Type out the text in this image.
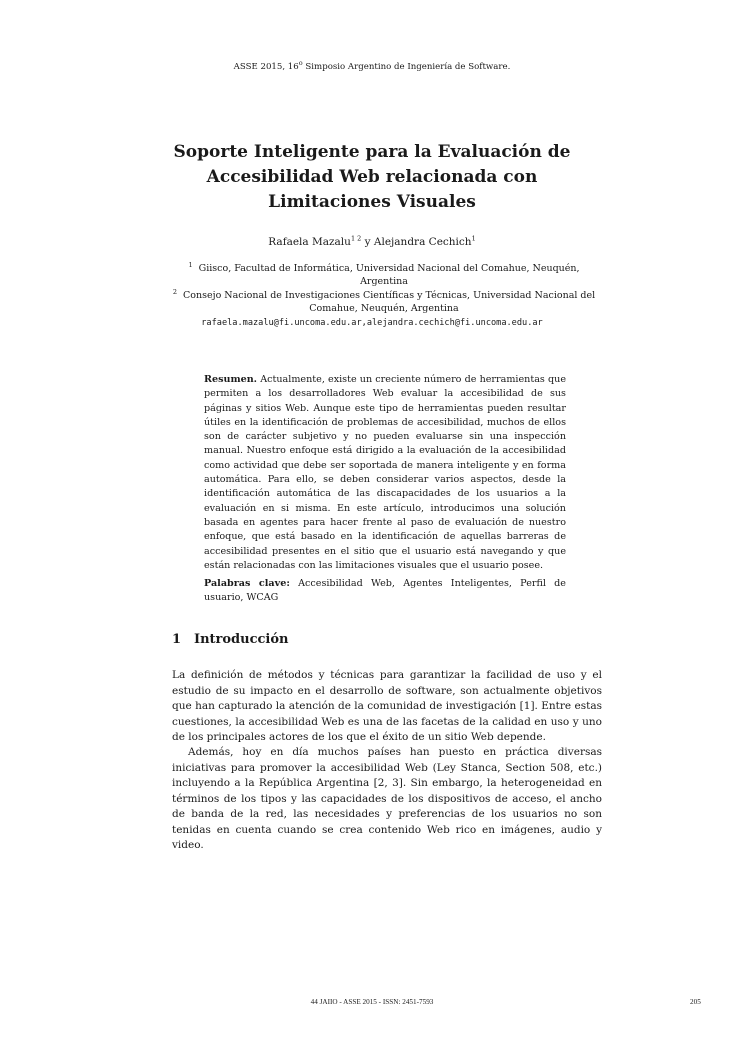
ASSE 2015, 16$^o$ Simposio Argentino de Ingeniería de Software.
Soporte Inteligente para la Evaluación de Accesibilidad Web relacionada con Limitaciones Visuales
Rafaela Mazalu$^{1 2}$ y Alejandra Cechich$^1$
$^1$ Giisco, Facultad de Informática, Universidad Nacional del Comahue, Neuquén, Argentina
$^2$ Consejo Nacional de Investigaciones Científicas y Técnicas, Universidad Nacional del Comahue, Neuquén, Argentina
rafaela.mazalu@fi.uncoma.edu.ar,alejandra.cechich@fi.uncoma.edu.ar
Resumen. Actualmente, existe un creciente número de herramientas que permiten a los desarrolladores Web evaluar la accesibilidad de sus páginas y sitios Web. Aunque este tipo de herramientas pueden resultar útiles en la identificación de problemas de accesibilidad, muchos de ellos son de carácter subjetivo y no pueden evaluarse sin una inspección manual. Nuestro enfoque está dirigido a la evaluación de la accesibilidad como actividad que debe ser soportada de manera inteligente y en forma automática. Para ello, se deben considerar varios aspectos, desde la identificación automática de las discapacidades de los usuarios a la evaluación en si misma. En este artículo, introducimos una solución basada en agentes para hacer frente al paso de evaluación de nuestro enfoque, que está basado en la identificación de aquellas barreras de accesibilidad presentes en el sitio que el usuario está navegando y que están relacionadas con las limitaciones visuales que el usuario posee.
Palabras clave: Accesibilidad Web, Agentes Inteligentes, Perfil de usuario, WCAG
1 Introducción
La definición de métodos y técnicas para garantizar la facilidad de uso y el estudio de su impacto en el desarrollo de software, son actualmente objetivos que han capturado la atención de la comunidad de investigación [1]. Entre estas cuestiones, la accesibilidad Web es una de las facetas de la calidad en uso y uno de los principales actores de los que el éxito de un sitio Web depende.
Además, hoy en día muchos países han puesto en práctica diversas iniciativas para promover la accesibilidad Web (Ley Stanca, Section 508, etc.) incluyendo a la República Argentina [2, 3]. Sin embargo, la heterogeneidad en términos de los tipos y las capacidades de los dispositivos de acceso, el ancho de banda de la red, las necesidades y preferencias de los usuarios no son tenidas en cuenta cuando se crea contenido Web rico en imágenes, audio y video.
44 JAIIO - ASSE 2015 - ISSN: 2451-7593	205
